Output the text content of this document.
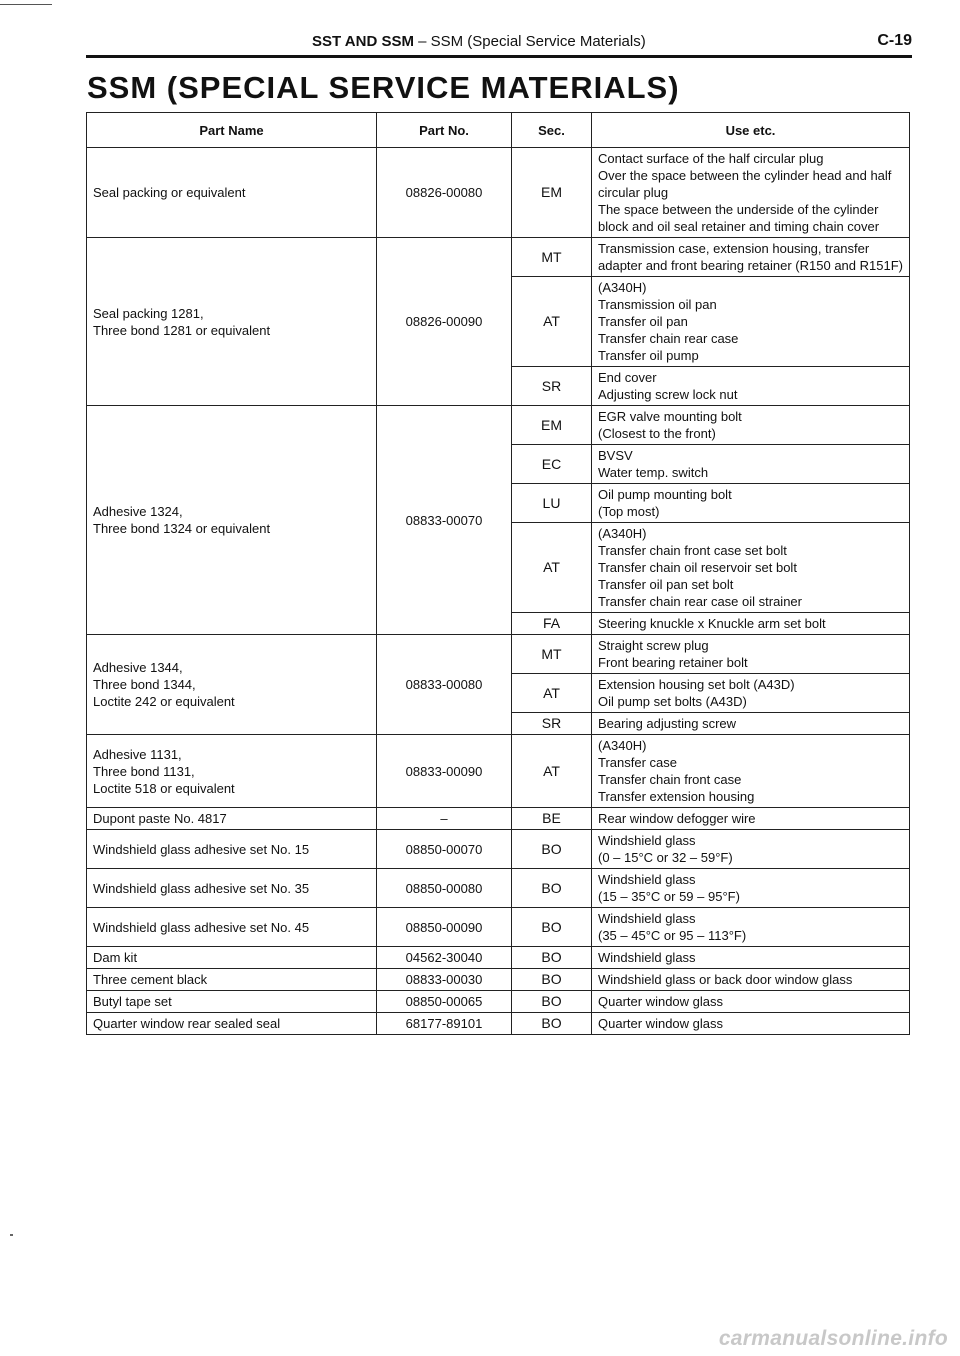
SST AND SSM – SSM (Special Service Materials)	C-19
SSM (SPECIAL SERVICE MATERIALS)
Part Name	Part No.	Sec.	Use etc.
Seal packing or equivalent	08826-00080	EM	Contact surface of the half circular plug
Over the space between the cylinder head and half circular plug
The space between the underside of the cylinder block and oil seal retainer and timing chain cover
Seal packing 1281,
Three bond 1281 or equivalent	08826-00090	MT	Transmission case, extension housing, transfer adapter and front bearing retainer (R150 and R151F)
		AT	(A340H)
Transmission oil pan
Transfer oil pan
Transfer chain rear case
Transfer oil pump
		SR	End cover
Adjusting screw lock nut
Adhesive 1324,
Three bond 1324 or equivalent	08833-00070	EM	EGR valve mounting bolt
(Closest to the front)
		EC	BVSV
Water temp. switch
		LU	Oil pump mounting bolt
(Top most)
		AT	(A340H)
Transfer chain front case set bolt
Transfer chain oil reservoir set bolt
Transfer oil pan set bolt
Transfer chain rear case oil strainer
		FA	Steering knuckle x Knuckle arm set bolt
Adhesive 1344,
Three bond 1344,
Loctite 242 or equivalent	08833-00080	MT	Straight screw plug
Front bearing retainer bolt
		AT	Extension housing set bolt (A43D)
Oil pump set bolts (A43D)
		SR	Bearing adjusting screw
Adhesive 1131,
Three bond 1131,
Loctite 518 or equivalent	08833-00090	AT	(A340H)
Transfer case
Transfer chain front case
Transfer extension housing
Dupont paste No. 4817	–	BE	Rear window defogger wire
Windshield glass adhesive set No. 15	08850-00070	BO	Windshield glass
(0 – 15°C or 32 – 59°F)
Windshield glass adhesive set No. 35	08850-00080	BO	Windshield glass
(15 – 35°C or 59 – 95°F)
Windshield glass adhesive set No. 45	08850-00090	BO	Windshield glass
(35 – 45°C or 95 – 113°F)
Dam kit	04562-30040	BO	Windshield glass
Three cement black	08833-00030	BO	Windshield glass or back door window glass
Butyl tape set	08850-00065	BO	Quarter window glass
Quarter window rear sealed seal	68177-89101	BO	Quarter window glass
carmanualsonline.info
